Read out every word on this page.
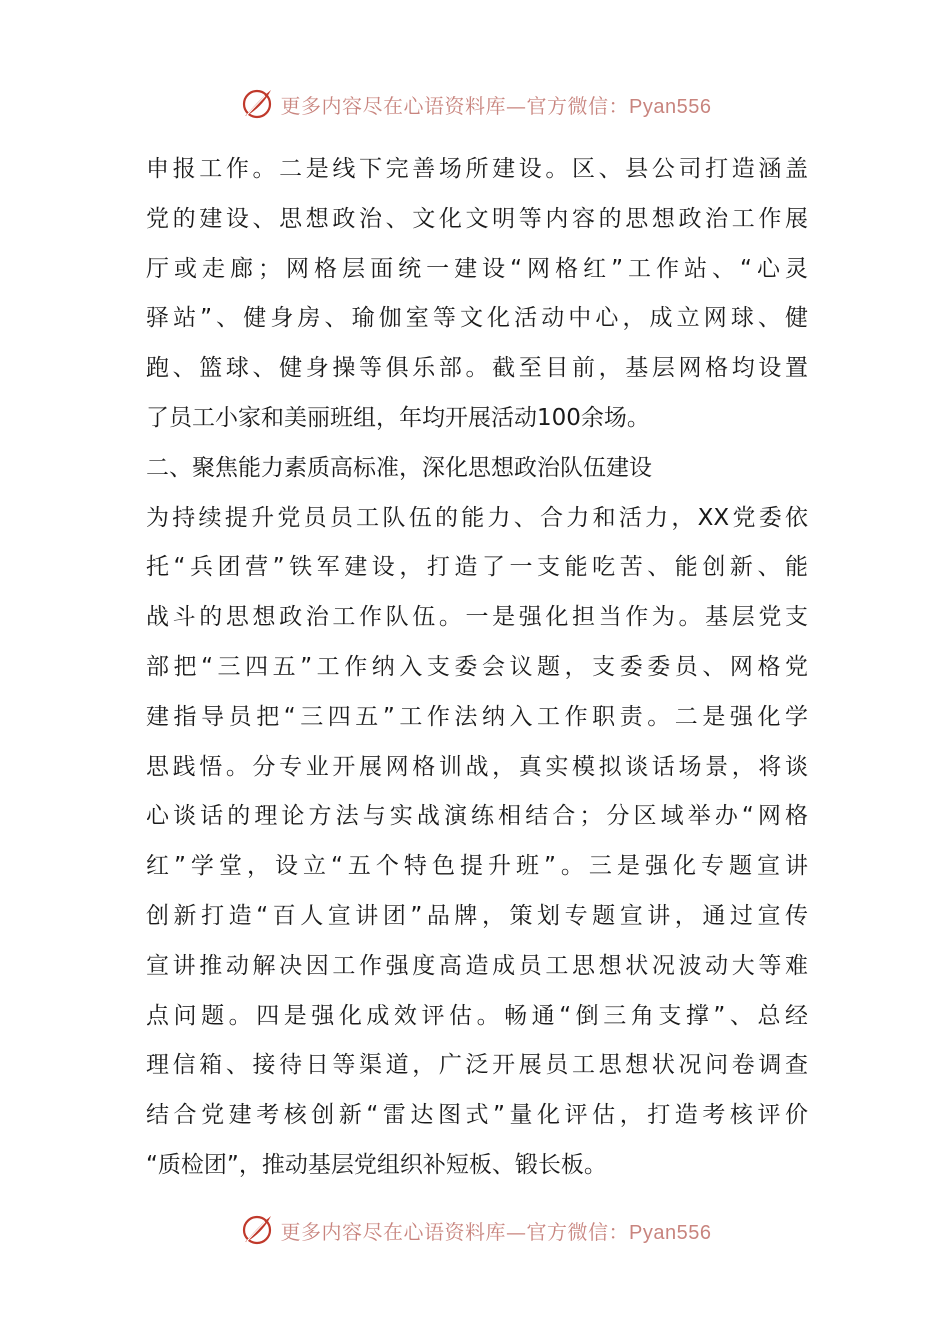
更多内容尽在心语资料库—官方微信：Pyan556
申报工作。二是线下完善场所建设。区、县公司打造涵盖
党的建设、思想政治、文化文明等内容的思想政治工作展
厅或走廊；网格层面统一建设“网格红”工作站、“心灵
驿站”、健身房、瑜伽室等文化活动中心，成立网球、健
跑、篮球、健身操等俱乐部。截至目前，基层网格均设置
了员工小家和美丽班组，年均开展活动100余场。
二、聚焦能力素质高标准，深化思想政治队伍建设
为持续提升党员员工队伍的能力、合力和活力，XX党委依
托“兵团营”铁军建设，打造了一支能吃苦、能创新、能
战斗的思想政治工作队伍。一是强化担当作为。基层党支
部把“三四五”工作纳入支委会议题，支委委员、网格党
建指导员把“三四五”工作法纳入工作职责。二是强化学
思践悟。分专业开展网格训战，真实模拟谈话场景，将谈
心谈话的理论方法与实战演练相结合；分区域举办“网格
红”学堂，设立“五个特色提升班”。三是强化专题宣讲
创新打造“百人宣讲团”品牌，策划专题宣讲，通过宣传
宣讲推动解决因工作强度高造成员工思想状况波动大等难
点问题。四是强化成效评估。畅通“倒三角支撑”、总经
理信箱、接待日等渠道，广泛开展员工思想状况问卷调查
结合党建考核创新“雷达图式”量化评估，打造考核评价
“质检团”，推动基层党组织补短板、锻长板。
更多内容尽在心语资料库—官方微信：Pyan556
